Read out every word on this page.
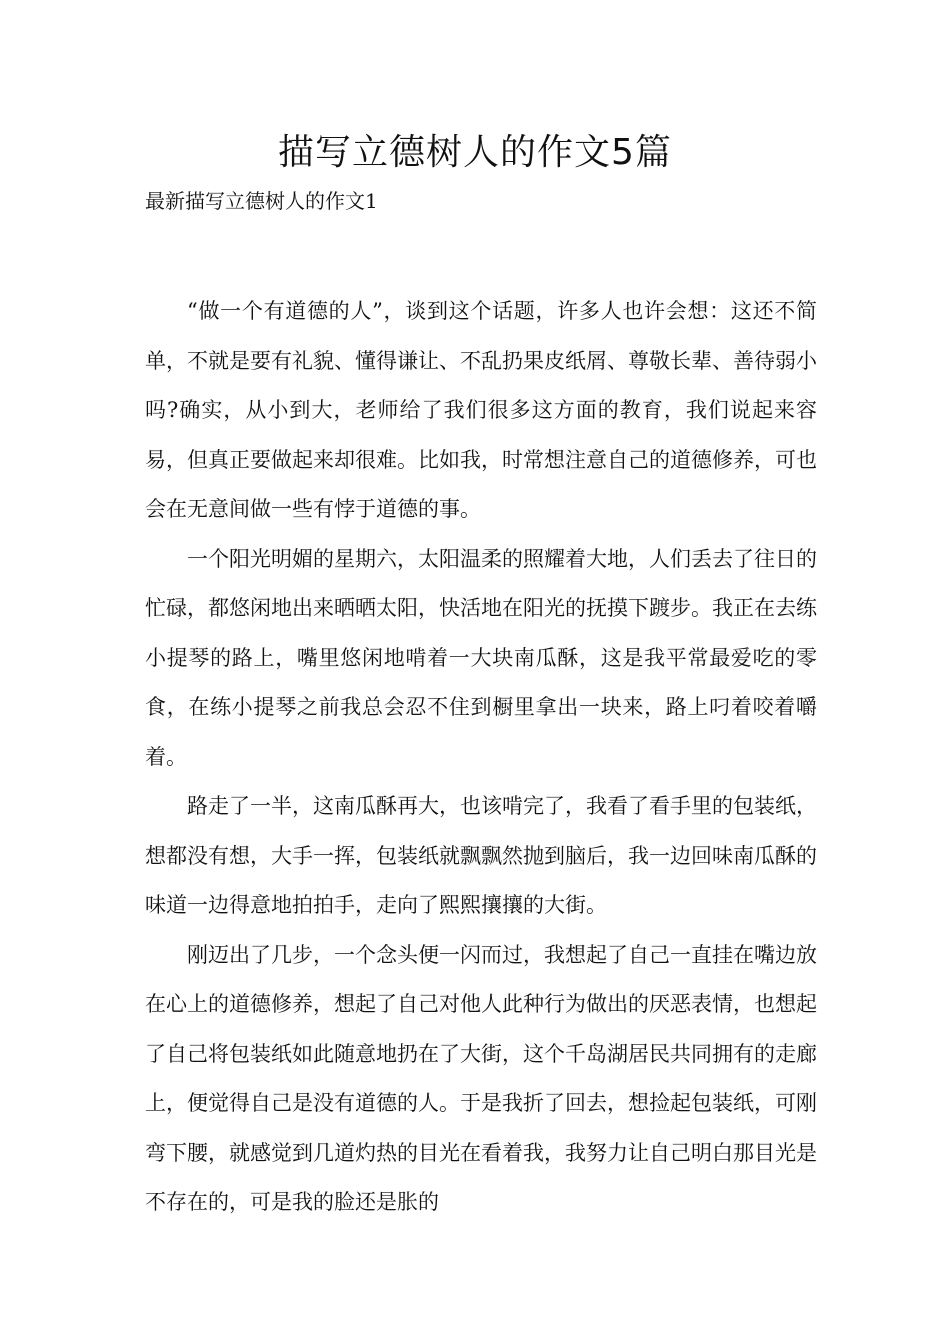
描写立德树人的作文5篇

最新描写立德树人的作文1

“做一个有道德的人”，谈到这个话题，许多人也许会想：这还不简单，不就是要有礼貌、懂得谦让、不乱扔果皮纸屑、尊敬长辈、善待弱小吗?确实，从小到大，老师给了我们很多这方面的教育，我们说起来容易，但真正要做起来却很难。比如我，时常想注意自己的道德修养，可也会在无意间做一些有悖于道德的事。

一个阳光明媚的星期六，太阳温柔的照耀着大地，人们丢去了往日的忙碌，都悠闲地出来晒晒太阳，快活地在阳光的抚摸下踱步。我正在去练小提琴的路上，嘴里悠闲地啃着一大块南瓜酥，这是我平常最爱吃的零食，在练小提琴之前我总会忍不住到橱里拿出一块来，路上叼着咬着嚼着。

路走了一半，这南瓜酥再大，也该啃完了，我看了看手里的包装纸，想都没有想，大手一挥，包装纸就飘飘然抛到脑后，我一边回味南瓜酥的味道一边得意地拍拍手，走向了熙熙攘攘的大街。

刚迈出了几步，一个念头便一闪而过，我想起了自己一直挂在嘴边放在心上的道德修养，想起了自己对他人此种行为做出的厌恶表情，也想起了自己将包装纸如此随意地扔在了大街，这个千岛湖居民共同拥有的走廊上，便觉得自己是没有道德的人。于是我折了回去，想捡起包装纸，可刚弯下腰，就感觉到几道灼热的目光在看着我，我努力让自己明白那目光是不存在的，可是我的脸还是胀的
